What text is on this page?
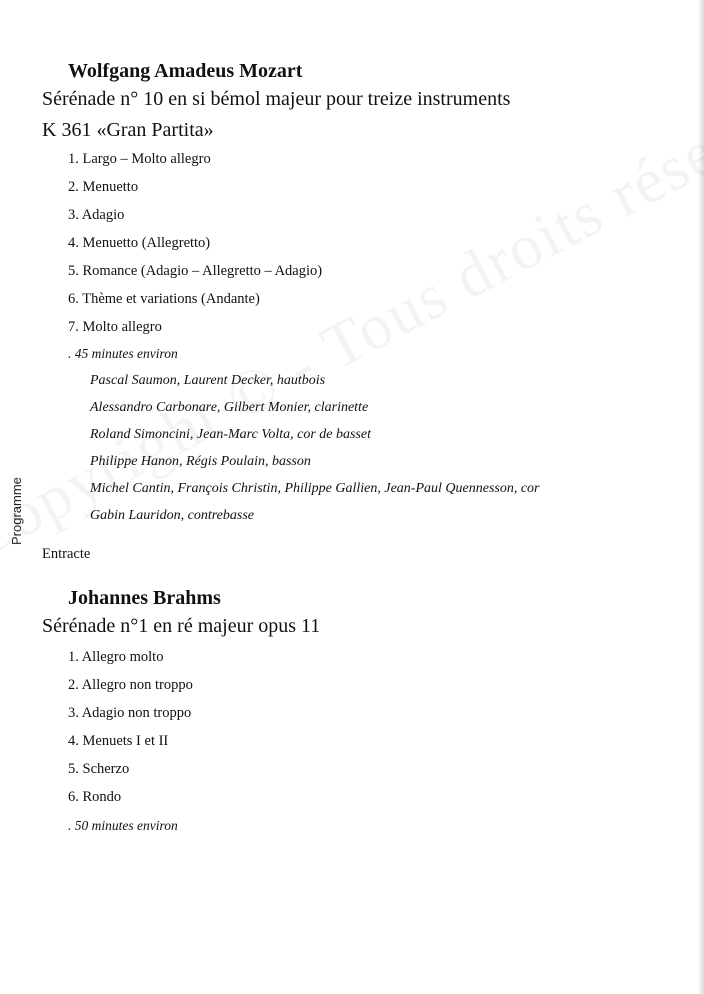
Programme
Wolfgang Amadeus Mozart
Sérénade n° 10 en si bémol majeur pour treize instruments
K 361 «Gran Partita»
1. Largo – Molto allegro
2. Menuetto
3. Adagio
4. Menuetto (Allegretto)
5. Romance (Adagio – Allegretto – Adagio)
6. Thème et variations (Andante)
7. Molto allegro
. 45 minutes environ
Pascal Saumon, Laurent Decker, hautbois
Alessandro Carbonare, Gilbert Monier, clarinette
Roland Simoncini, Jean-Marc Volta, cor de basset
Philippe Hanon, Régis Poulain, basson
Michel Cantin, François Christin, Philippe Gallien, Jean-Paul Quennesson, cor
Gabin Lauridon, contrebasse
Entracte
Johannes Brahms
Sérénade n°1 en ré majeur opus 11
1. Allegro molto
2. Allegro non troppo
3. Adagio non troppo
4. Menuets I et II
5. Scherzo
6. Rondo
. 50 minutes environ
